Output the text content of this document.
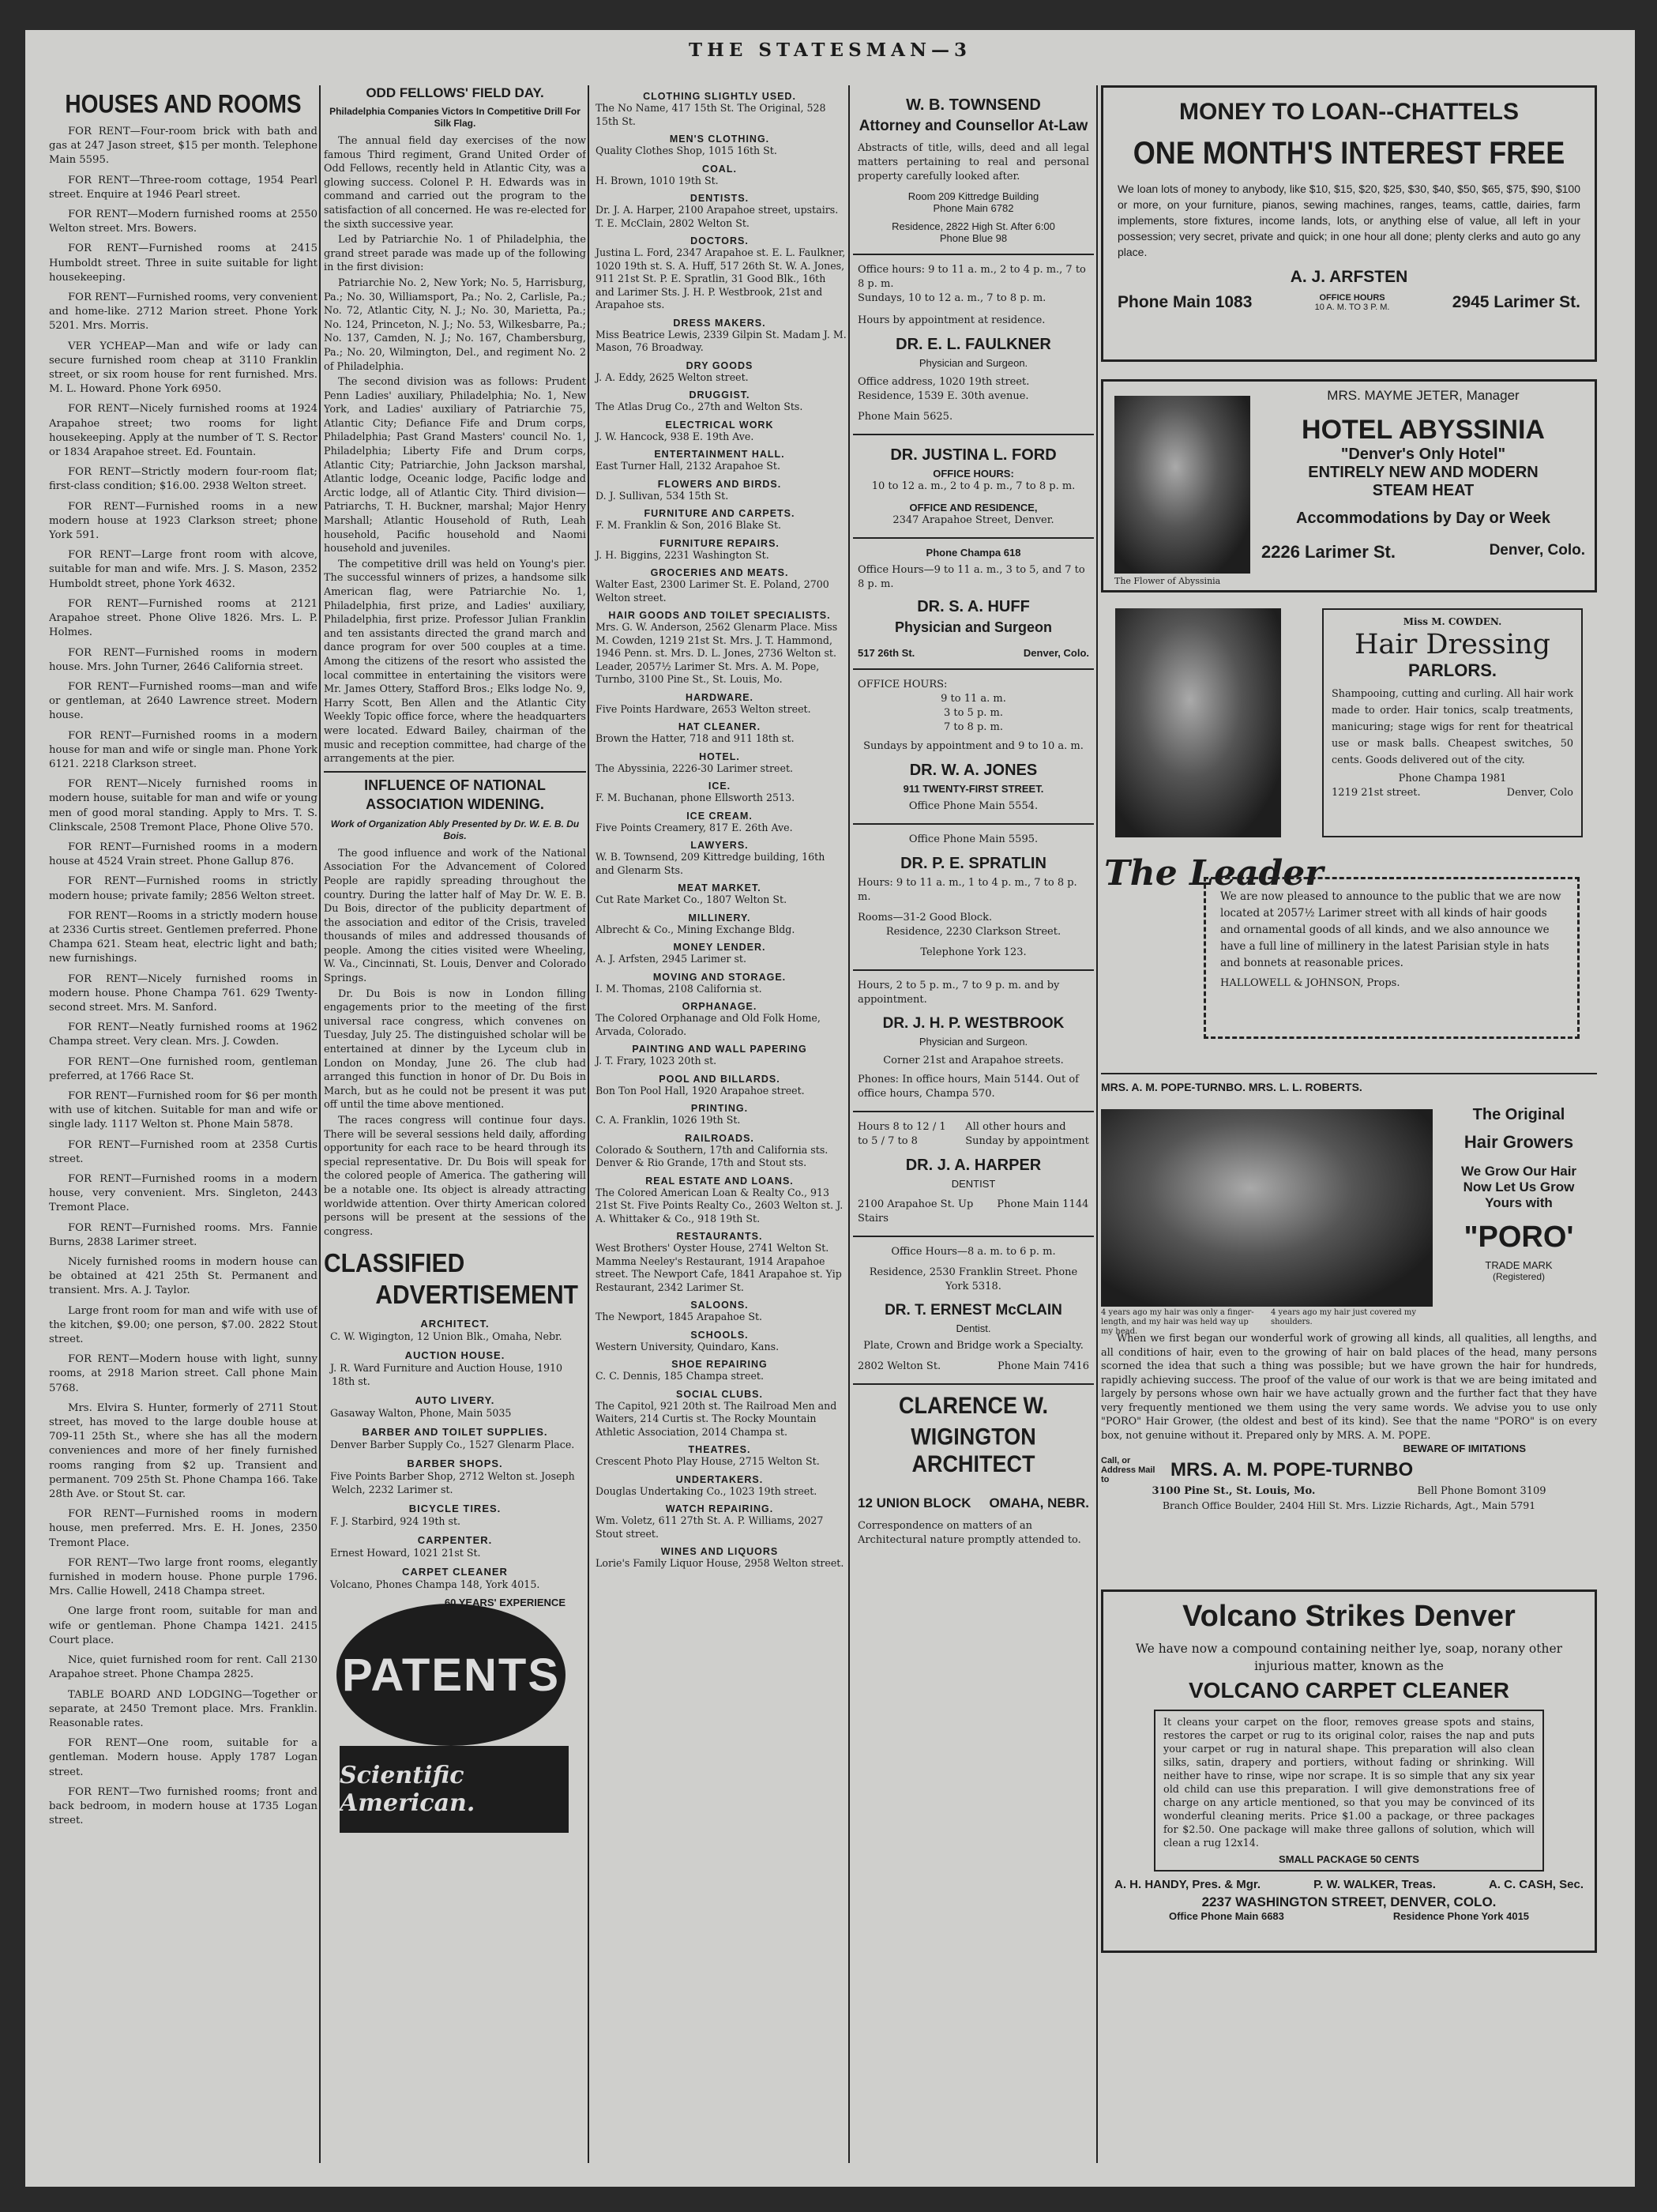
THE STATESMAN—3
HOUSES AND ROOMS
FOR RENT—Four-room brick with bath and gas at 247 Jason street, $15 per month. Telephone Main 5595.
FOR RENT—Three-room cottage, 1954 Pearl street. Enquire at 1946 Pearl street.
FOR RENT—Modern furnished rooms at 2550 Welton street. Mrs. Bowers.
FOR RENT—Furnished rooms at 2415 Humboldt street. Three in suite suitable for light housekeeping.
FOR RENT—Furnished rooms, very convenient and home-like. 2712 Marion street. Phone York 5201. Mrs. Morris.
VER YCHEAP—Man and wife or lady can secure furnished room cheap at 3110 Franklin street, or six room house for rent furnished. Mrs. M. L. Howard. Phone York 6950.
FOR RENT—Nicely furnished rooms at 1924 Arapahoe street; two rooms for light housekeeping. Apply at the number of T. S. Rector or 1834 Arapahoe street. Ed. Fountain.
FOR RENT—Strictly modern four-room flat; first-class condition; $16.00. 2938 Welton street.
FOR RENT—Furnished rooms in a new modern house at 1923 Clarkson street; phone York 591.
FOR RENT—Large front room with alcove, suitable for man and wife. Mrs. J. S. Mason, 2352 Humboldt street, phone York 4632.
FOR RENT—Furnished rooms at 2121 Arapahoe street. Phone Olive 1826. Mrs. L. P. Holmes.
FOR RENT—Furnished rooms in modern house. Mrs. John Turner, 2646 California street.
FOR RENT—Furnished rooms—man and wife or gentleman, at 2640 Lawrence street. Modern house.
FOR RENT—Furnished rooms in a modern house for man and wife or single man. Phone York 6121. 2218 Clarkson street.
FOR RENT—Nicely furnished rooms in modern house, suitable for man and wife or young men of good moral standing. Apply to Mrs. T. S. Clinkscale, 2508 Tremont Place, Phone Olive 570.
FOR RENT—Furnished rooms in a modern house at 4524 Vrain street. Phone Gallup 876.
FOR RENT—Furnished rooms in strictly modern house; private family; 2856 Welton street.
FOR RENT—Rooms in a strictly modern house at 2336 Curtis street. Gentlemen preferred. Phone Champa 621. Steam heat, electric light and bath; new furnishings.
FOR RENT—Nicely furnished rooms in modern house. Phone Champa 761. 629 Twenty-second street. Mrs. M. Sanford.
FOR RENT—Neatly furnished rooms at 1962 Champa street. Very clean. Mrs. J. Cowden.
FOR RENT—One furnished room, gentleman preferred, at 1766 Race St.
FOR RENT—Furnished room for $6 per month with use of kitchen. Suitable for man and wife or single lady. 1117 Welton st. Phone Main 5878.
FOR RENT—Furnished room at 2358 Curtis street.
FOR RENT—Furnished rooms in a modern house, very convenient. Mrs. Singleton, 2443 Tremont Place.
FOR RENT—Furnished rooms. Mrs. Fannie Burns, 2838 Larimer street.
Nicely furnished rooms in modern house can be obtained at 421 25th St. Permanent and transient. Mrs. A. J. Taylor.
Large front room for man and wife with use of the kitchen, $9.00; one person, $7.00. 2822 Stout street.
FOR RENT—Modern house with light, sunny rooms, at 2918 Marion street. Call phone Main 5768.
Mrs. Elvira S. Hunter, formerly of 2711 Stout street, has moved to the large double house at 709-11 25th St., where she has all the modern conveniences and more of her finely furnished rooms ranging from $2 up. Transient and permanent. 709 25th St. Phone Champa 166. Take 28th Ave. or Stout St. car.
FOR RENT—Furnished rooms in modern house, men preferred. Mrs. E. H. Jones, 2350 Tremont Place.
FOR RENT—Two large front rooms, elegantly furnished in modern house. Phone purple 1796. Mrs. Callie Howell, 2418 Champa street.
One large front room, suitable for man and wife or gentleman. Phone Champa 1421. 2415 Court place.
Nice, quiet furnished room for rent. Call 2130 Arapahoe street. Phone Champa 2825.
TABLE BOARD AND LODGING—Together or separate, at 2450 Tremont place. Mrs. Franklin. Reasonable rates.
FOR RENT—One room, suitable for a gentleman. Modern house. Apply 1787 Logan street.
FOR RENT—Two furnished rooms; front and back bedroom, in modern house at 1735 Logan street.
ODD FELLOWS' FIELD DAY.
Philadelphia Companies Victors In Competitive Drill For Silk Flag.
The annual field day exercises of the now famous Third regiment, Grand United Order of Odd Fellows, recently held in Atlantic City, was a glowing success. Colonel P. H. Edwards was in command and carried out the program to the satisfaction of all concerned. He was re-elected for the sixth successive year.
Led by Patriarchie No. 1 of Philadelphia, the grand street parade was made up of the following in the first division:
Patriarchie No. 2, New York; No. 5, Harrisburg, Pa.; No. 30, Williamsport, Pa.; No. 2, Carlisle, Pa.; No. 72, Atlantic City, N. J.; No. 30, Marietta, Pa.; No. 124, Princeton, N. J.; No. 53, Wilkesbarre, Pa.; No. 137, Camden, N. J.; No. 167, Chambersburg, Pa.; No. 20, Wilmington, Del., and regiment No. 2 of Philadelphia.
The second division was as follows: Prudent Penn Ladies' auxiliary, Philadelphia; No. 1, New York, and Ladies' auxiliary of Patriarchie 75, Atlantic City; Defiance Fife and Drum corps, Philadelphia; Past Grand Masters' council No. 1, Philadelphia; Liberty Fife and Drum corps, Atlantic City; Patriarchie, John Jackson marshal, Atlantic lodge, Oceanic lodge, Pacific lodge and Arctic lodge, all of Atlantic City. Third division—Patriarchs, T. H. Buckner, marshal; Major Henry Marshall; Atlantic Household of Ruth, Leah household, Pacific household and Naomi household and juveniles.
The competitive drill was held on Young's pier. The successful winners of prizes, a handsome silk American flag, were Patriarchie No. 1, Philadelphia, first prize, and Ladies' auxiliary, Philadelphia, first prize. Professor Julian Franklin and ten assistants directed the grand march and dance program for over 500 couples at a time. Among the citizens of the resort who assisted the local committee in entertaining the visitors were Mr. James Ottery, Stafford Bros.; Elks lodge No. 9, Harry Scott, Ben Allen and the Atlantic City Weekly Topic office force, where the headquarters were located. Edward Bailey, chairman of the music and reception committee, had charge of the arrangements at the pier.
INFLUENCE OF NATIONAL ASSOCIATION WIDENING.
Work of Organization Ably Presented by Dr. W. E. B. Du Bois.
The good influence and work of the National Association For the Advancement of Colored People are rapidly spreading throughout the country. During the latter half of May Dr. W. E. B. Du Bois, director of the publicity department of the association and editor of the Crisis, traveled thousands of miles and addressed thousands of people. Among the cities visited were Wheeling, W. Va., Cincinnati, St. Louis, Denver and Colorado Springs.
Dr. Du Bois is now in London filling engagements prior to the meeting of the first universal race congress, which convenes on Tuesday, July 25. The distinguished scholar will be entertained at dinner by the Lyceum club in London on Monday, June 26. The club had arranged this function in honor of Dr. Du Bois in March, but as he could not be present it was put off until the time above mentioned.
The races congress will continue four days. There will be several sessions held daily, affording opportunity for each race to be heard through its special representative. Dr. Du Bois will speak for the colored people of America. The gathering will be a notable one. Its object is already attracting worldwide attention. Over thirty American colored persons will be present at the sessions of the congress.
CLASSIFIED
ADVERTISEMENT
ARCHITECT.
C. W. Wigington, 12 Union Blk., Omaha, Nebr.
AUCTION HOUSE.
J. R. Ward Furniture and Auction House, 1910 18th st.
AUTO LIVERY.
Gasaway Walton, Phone, Main 5035
BARBER AND TOILET SUPPLIES.
Denver Barber Supply Co., 1527 Glenarm Place.
BARBER SHOPS.
Five Points Barber Shop, 2712 Welton st. Joseph Welch, 2232 Larimer st.
BICYCLE TIRES.
F. J. Starbird, 924 19th st.
CARPENTER.
Ernest Howard, 1021 21st St.
CARPET CLEANER
Volcano, Phones Champa 148, York 4015.
PATENTS
60 YEARS' EXPERIENCE
Scientific American.
CLOTHING SLIGHTLY USED.
The No Name, 417 15th St. The Original, 528 15th St.
MEN'S CLOTHING.
Quality Clothes Shop, 1015 16th St.
COAL.
H. Brown, 1010 19th St.
DENTISTS.
Dr. J. A. Harper, 2100 Arapahoe street, upstairs. T. E. McClain, 2802 Welton St.
DOCTORS.
Justina L. Ford, 2347 Arapahoe st. E. L. Faulkner, 1020 19th st. S. A. Huff, 517 26th St. W. A. Jones, 911 21st St. P. E. Spratlin, 31 Good Blk., 16th and Larimer Sts. J. H. P. Westbrook, 21st and Arapahoe sts.
DRESS MAKERS.
Miss Beatrice Lewis, 2339 Gilpin St. Madam J. M. Mason, 76 Broadway.
DRY GOODS
J. A. Eddy, 2625 Welton street.
DRUGGIST.
The Atlas Drug Co., 27th and Welton Sts.
ELECTRICAL WORK
J. W. Hancock, 938 E. 19th Ave.
ENTERTAINMENT HALL.
East Turner Hall, 2132 Arapahoe St.
FLOWERS AND BIRDS.
D. J. Sullivan, 534 15th St.
FURNITURE AND CARPETS.
F. M. Franklin & Son, 2016 Blake St.
FURNITURE REPAIRS.
J. H. Biggins, 2231 Washington St.
GROCERIES AND MEATS.
Walter East, 2300 Larimer St. E. Poland, 2700 Welton street.
HAIR GOODS AND TOILET SPECIALISTS.
Mrs. G. W. Anderson, 2562 Glenarm Place. Miss M. Cowden, 1219 21st St. Mrs. J. T. Hammond, 1946 Penn. st. Mrs. D. L. Jones, 2736 Welton st. Leader, 2057½ Larimer St. Mrs. A. M. Pope, Turnbo, 3100 Pine St., St. Louis, Mo.
HARDWARE.
Five Points Hardware, 2653 Welton street.
HAT CLEANER.
Brown the Hatter, 718 and 911 18th st.
HOTEL.
The Abyssinia, 2226-30 Larimer street.
ICE.
F. M. Buchanan, phone Ellsworth 2513.
ICE CREAM.
Five Points Creamery, 817 E. 26th Ave.
LAWYERS.
W. B. Townsend, 209 Kittredge building, 16th and Glenarm Sts.
MEAT MARKET.
Cut Rate Market Co., 1807 Welton St.
MILLINERY.
Albrecht & Co., Mining Exchange Bldg.
MONEY LENDER.
A. J. Arfsten, 2945 Larimer st.
MOVING AND STORAGE.
I. M. Thomas, 2108 California st.
ORPHANAGE.
The Colored Orphanage and Old Folk Home, Arvada, Colorado.
PAINTING AND WALL PAPERING
J. T. Frary, 1023 20th st.
POOL AND BILLARDS.
Bon Ton Pool Hall, 1920 Arapahoe street.
PRINTING.
C. A. Franklin, 1026 19th St.
RAILROADS.
Colorado & Southern, 17th and California sts. Denver & Rio Grande, 17th and Stout sts.
REAL ESTATE AND LOANS.
The Colored American Loan & Realty Co., 913 21st St. Five Points Realty Co., 2603 Welton st. J. A. Whittaker & Co., 918 19th St.
RESTAURANTS.
West Brothers' Oyster House, 2741 Welton St. Mamma Neeley's Restaurant, 1914 Arapahoe street. The Newport Cafe, 1841 Arapahoe st. Yip Restaurant, 2342 Larimer St.
SALOONS.
The Newport, 1845 Arapahoe St.
SCHOOLS.
Western University, Quindaro, Kans.
SHOE REPAIRING
C. C. Dennis, 185 Champa street.
SOCIAL CLUBS.
The Capitol, 921 20th st. The Railroad Men and Waiters, 214 Curtis st. The Rocky Mountain Athletic Association, 2014 Champa st.
THEATRES.
Crescent Photo Play House, 2715 Welton St.
UNDERTAKERS.
Douglas Undertaking Co., 1023 19th street.
WATCH REPAIRING.
Wm. Voletz, 611 27th St. A. P. Williams, 2027 Stout street.
WINES AND LIQUORS
Lorie's Family Liquor House, 2958 Welton street.
W. B. TOWNSEND
Attorney and Counsellor At-Law
Abstracts of title, wills, deed and all legal matters pertaining to real and personal property carefully looked after.
Room 209 Kittredge Building
Phone Main 6782
Residence, 2822 High St. After 6:00
Phone Blue 98
Office hours: 9 to 11 a. m., 2 to 4 p. m., 7 to 8 p. m.
Sundays, 10 to 12 a. m., 7 to 8 p. m.
Hours by appointment at residence.
DR. E. L. FAULKNER
Physician and Surgeon.
Office address, 1020 19th street.
Residence, 1539 E. 30th avenue.
Phone Main 5625.
DR. JUSTINA L. FORD
OFFICE HOURS:
10 to 12 a. m., 2 to 4 p. m., 7 to 8 p. m.
OFFICE AND RESIDENCE,
2347 Arapahoe Street, Denver.
Phone Champa 618
Office Hours—9 to 11 a. m., 3 to 5, and 7 to 8 p. m.
DR. S. A. HUFF
Physician and Surgeon
517 26th St.	Denver, Colo.
OFFICE HOURS:
9 to 11 a. m.
3 to 5 p. m.
7 to 8 p. m.
Sundays by appointment and 9 to 10 a. m.
DR. W. A. JONES
911 TWENTY-FIRST STREET.
Office Phone Main 5554.
Office Phone Main 5595.
DR. P. E. SPRATLIN
Hours: 9 to 11 a. m., 1 to 4 p. m., 7 to 8 p. m.
Rooms—31-2 Good Block.
Residence, 2230 Clarkson Street.
Telephone York 123.
Hours, 2 to 5 p. m., 7 to 9 p. m. and by appointment.
DR. J. H. P. WESTBROOK
Physician and Surgeon.
Corner 21st and Arapahoe streets.
Phones: In office hours, Main 5144. Out of office hours, Champa 570.
Hours 8 to 12 / 1 to 5 / 7 to 8
All other hours and Sunday by appointment
DR. J. A. HARPER
DENTIST
2100 Arapahoe St. Up Stairs
Phone Main 1144
Office Hours—8 a. m. to 6 p. m.
Residence, 2530 Franklin Street. Phone York 5318.
DR. T. ERNEST McCLAIN
Dentist.
Plate, Crown and Bridge work a Specialty.
2802 Welton St.	Phone Main 7416
CLARENCE W. WIGINGTON
ARCHITECT
12 UNION BLOCK OMAHA, NEBR.
Correspondence on matters of an Architectural nature promptly attended to.
MONEY TO LOAN--CHATTELS
ONE MONTH'S INTEREST FREE
We loan lots of money to anybody, like $10, $15, $20, $25, $30, $40, $50, $65, $75, $90, $100 or more, on your furniture, pianos, sewing machines, ranges, teams, cattle, dairies, farm implements, store fixtures, income lands, lots, or anything else of value, all left in your possession; very secret, private and quick; in one hour all done; plenty clerks and auto go any place.
A. J. ARFSTEN
Phone Main 1083	OFFICE HOURS
10 A. M. TO 3 P. M.	2945 Larimer St.
The Flower of Abyssinia
MRS. MAYME JETER, Manager
HOTEL ABYSSINIA
"Denver's Only Hotel"
ENTIRELY NEW AND MODERN
STEAM HEAT
Accommodations by Day or Week
2226 Larimer St.	Denver, Colo.
Miss M. COWDEN.
Hair Dressing
PARLORS.
Shampooing, cutting and curling. All hair work made to order. Hair tonics, scalp treatments, manicuring; stage wigs for rent for theatrical use or mask balls. Cheapest switches, 50 cents. Goods delivered out of the city.
Phone Champa 1981
1219 21st street.	Denver, Colo
The Leader
We are now pleased to announce to the public that we are now located at 2057½ Larimer street with all kinds of hair goods and ornamental goods of all kinds, and we also announce we have a full line of millinery in the latest Parisian style in hats and bonnets at reasonable prices.
HALLOWELL & JOHNSON, Props.
MRS. A. M. POPE-TURNBO. MRS. L. L. ROBERTS.
The Original
Hair Growers
We Grow Our Hair
Now Let Us Grow
Yours with
"PORO'
TRADE MARK
(Registered)
4 years ago my hair was only a finger-length, and my hair was held way up my head.
4 years ago my hair just covered my shoulders.
When we first began our wonderful work of growing all kinds, all qualities, all lengths, and all conditions of hair, even to the growing of hair on bald places of the head, many persons scorned the idea that such a thing was possible; but we have grown the hair for hundreds, rapidly achieving success. The proof of the value of our work is that we are being imitated and largely by persons whose own hair we have actually grown and the further fact that they have very frequently mentioned we them using the very same words. We advise you to use only "PORO" Hair Grower, (the oldest and best of its kind). See that the name "PORO" is on every box, not genuine without it. Prepared only by MRS. A. M. POPE.
BEWARE OF IMITATIONS
Call, or Address Mail to	MRS. A. M. POPE-TURNBO
3100 Pine St., St. Louis, Mo.	Bell Phone Bomont 3109
Branch Office Boulder, 2404 Hill St. Mrs. Lizzie Richards, Agt., Main 5791
Volcano Strikes Denver
We have now a compound containing neither lye, soap, norany other injurious matter, known as the
VOLCANO CARPET CLEANER
It cleans your carpet on the floor, removes grease spots and stains, restores the carpet or rug to its original color, raises the nap and puts your carpet or rug in natural shape. This preparation will also clean silks, satin, drapery and portiers, without fading or shrinking. Will neither have to rinse, wipe nor scrape. It is so simple that any six year old child can use this preparation. I will give demonstrations free of charge on any article mentioned, so that you may be convinced of its wonderful cleaning merits. Price $1.00 a package, or three packages for $2.50. One package will make three gallons of solution, which will clean a rug 12x14.
SMALL PACKAGE 50 CENTS
A. H. HANDY, Pres. & Mgr.	P. W. WALKER, Treas.	A. C. CASH, Sec.
2237 WASHINGTON STREET, DENVER, COLO.
Office Phone Main 6683	Residence Phone York 4015
